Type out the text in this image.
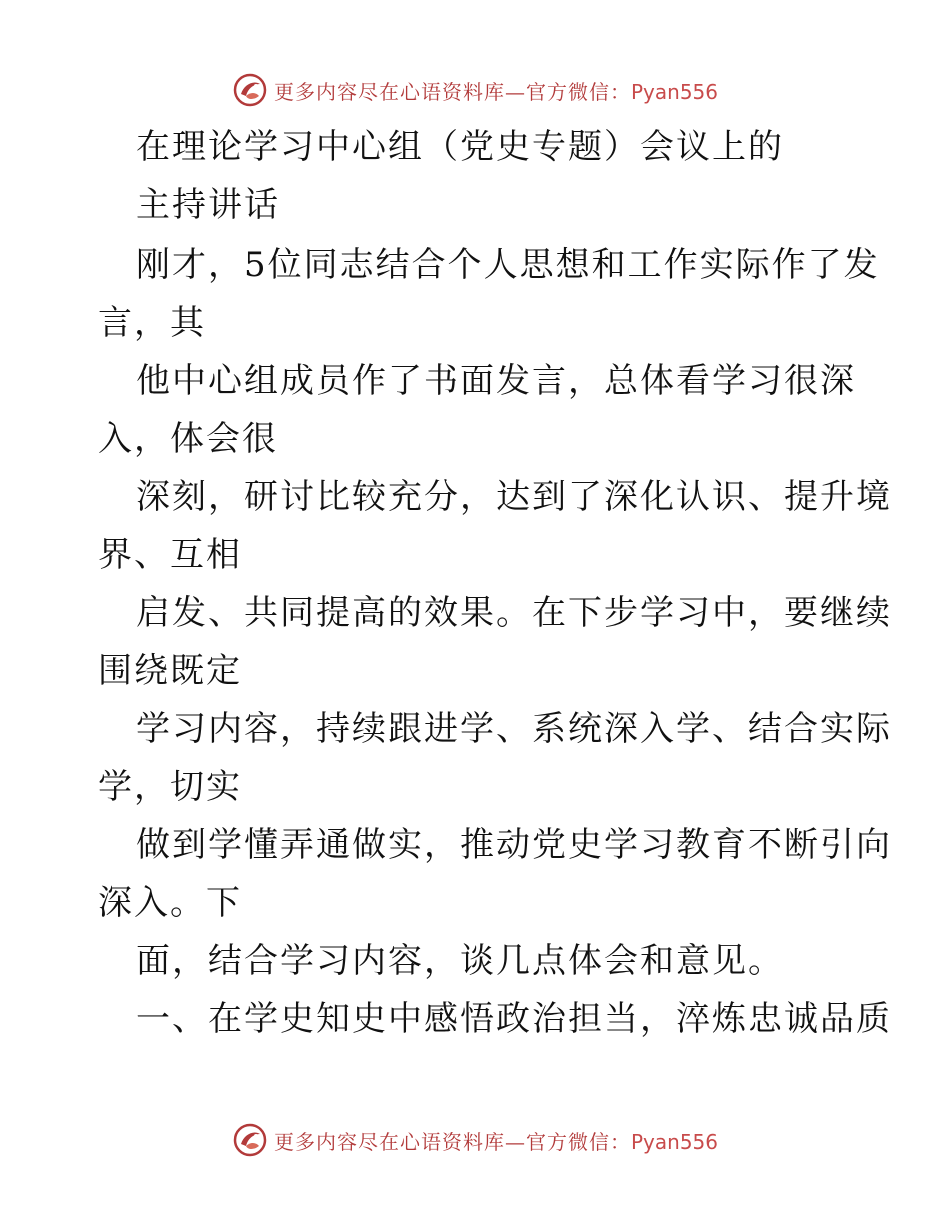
更多内容尽在心语资料库—官方微信：Pyan556
在理论学习中心组（党史专题）会议上的
主持讲话
刚才，5位同志结合个人思想和工作实际作了发
言，其
他中心组成员作了书面发言，总体看学习很深
入，体会很
深刻，研讨比较充分，达到了深化认识、提升境
界、互相
启发、共同提高的效果。在下步学习中，要继续
围绕既定
学习内容，持续跟进学、系统深入学、结合实际
学，切实
做到学懂弄通做实，推动党史学习教育不断引向
深入。下
面，结合学习内容，谈几点体会和意见。
一、在学史知史中感悟政治担当，淬炼忠诚品质
更多内容尽在心语资料库—官方微信：Pyan556
